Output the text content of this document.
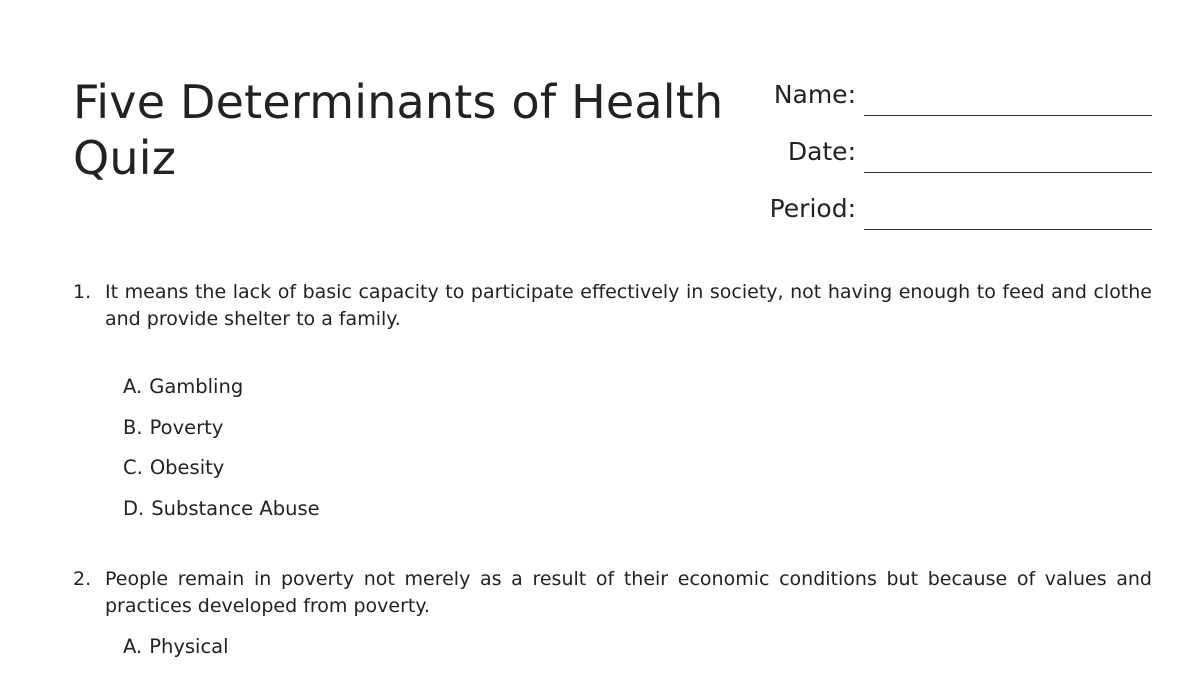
Five Determinants of Health Quiz
Name:
Date:
Period:
1. It means the lack of basic capacity to participate effectively in society, not having enough to feed and clothe and provide shelter to a family.

A. Gambling
B. Poverty
C. Obesity
D. Substance Abuse
2. People remain in poverty not merely as a result of their economic conditions but because of values and practices developed from poverty.

A. Physical
